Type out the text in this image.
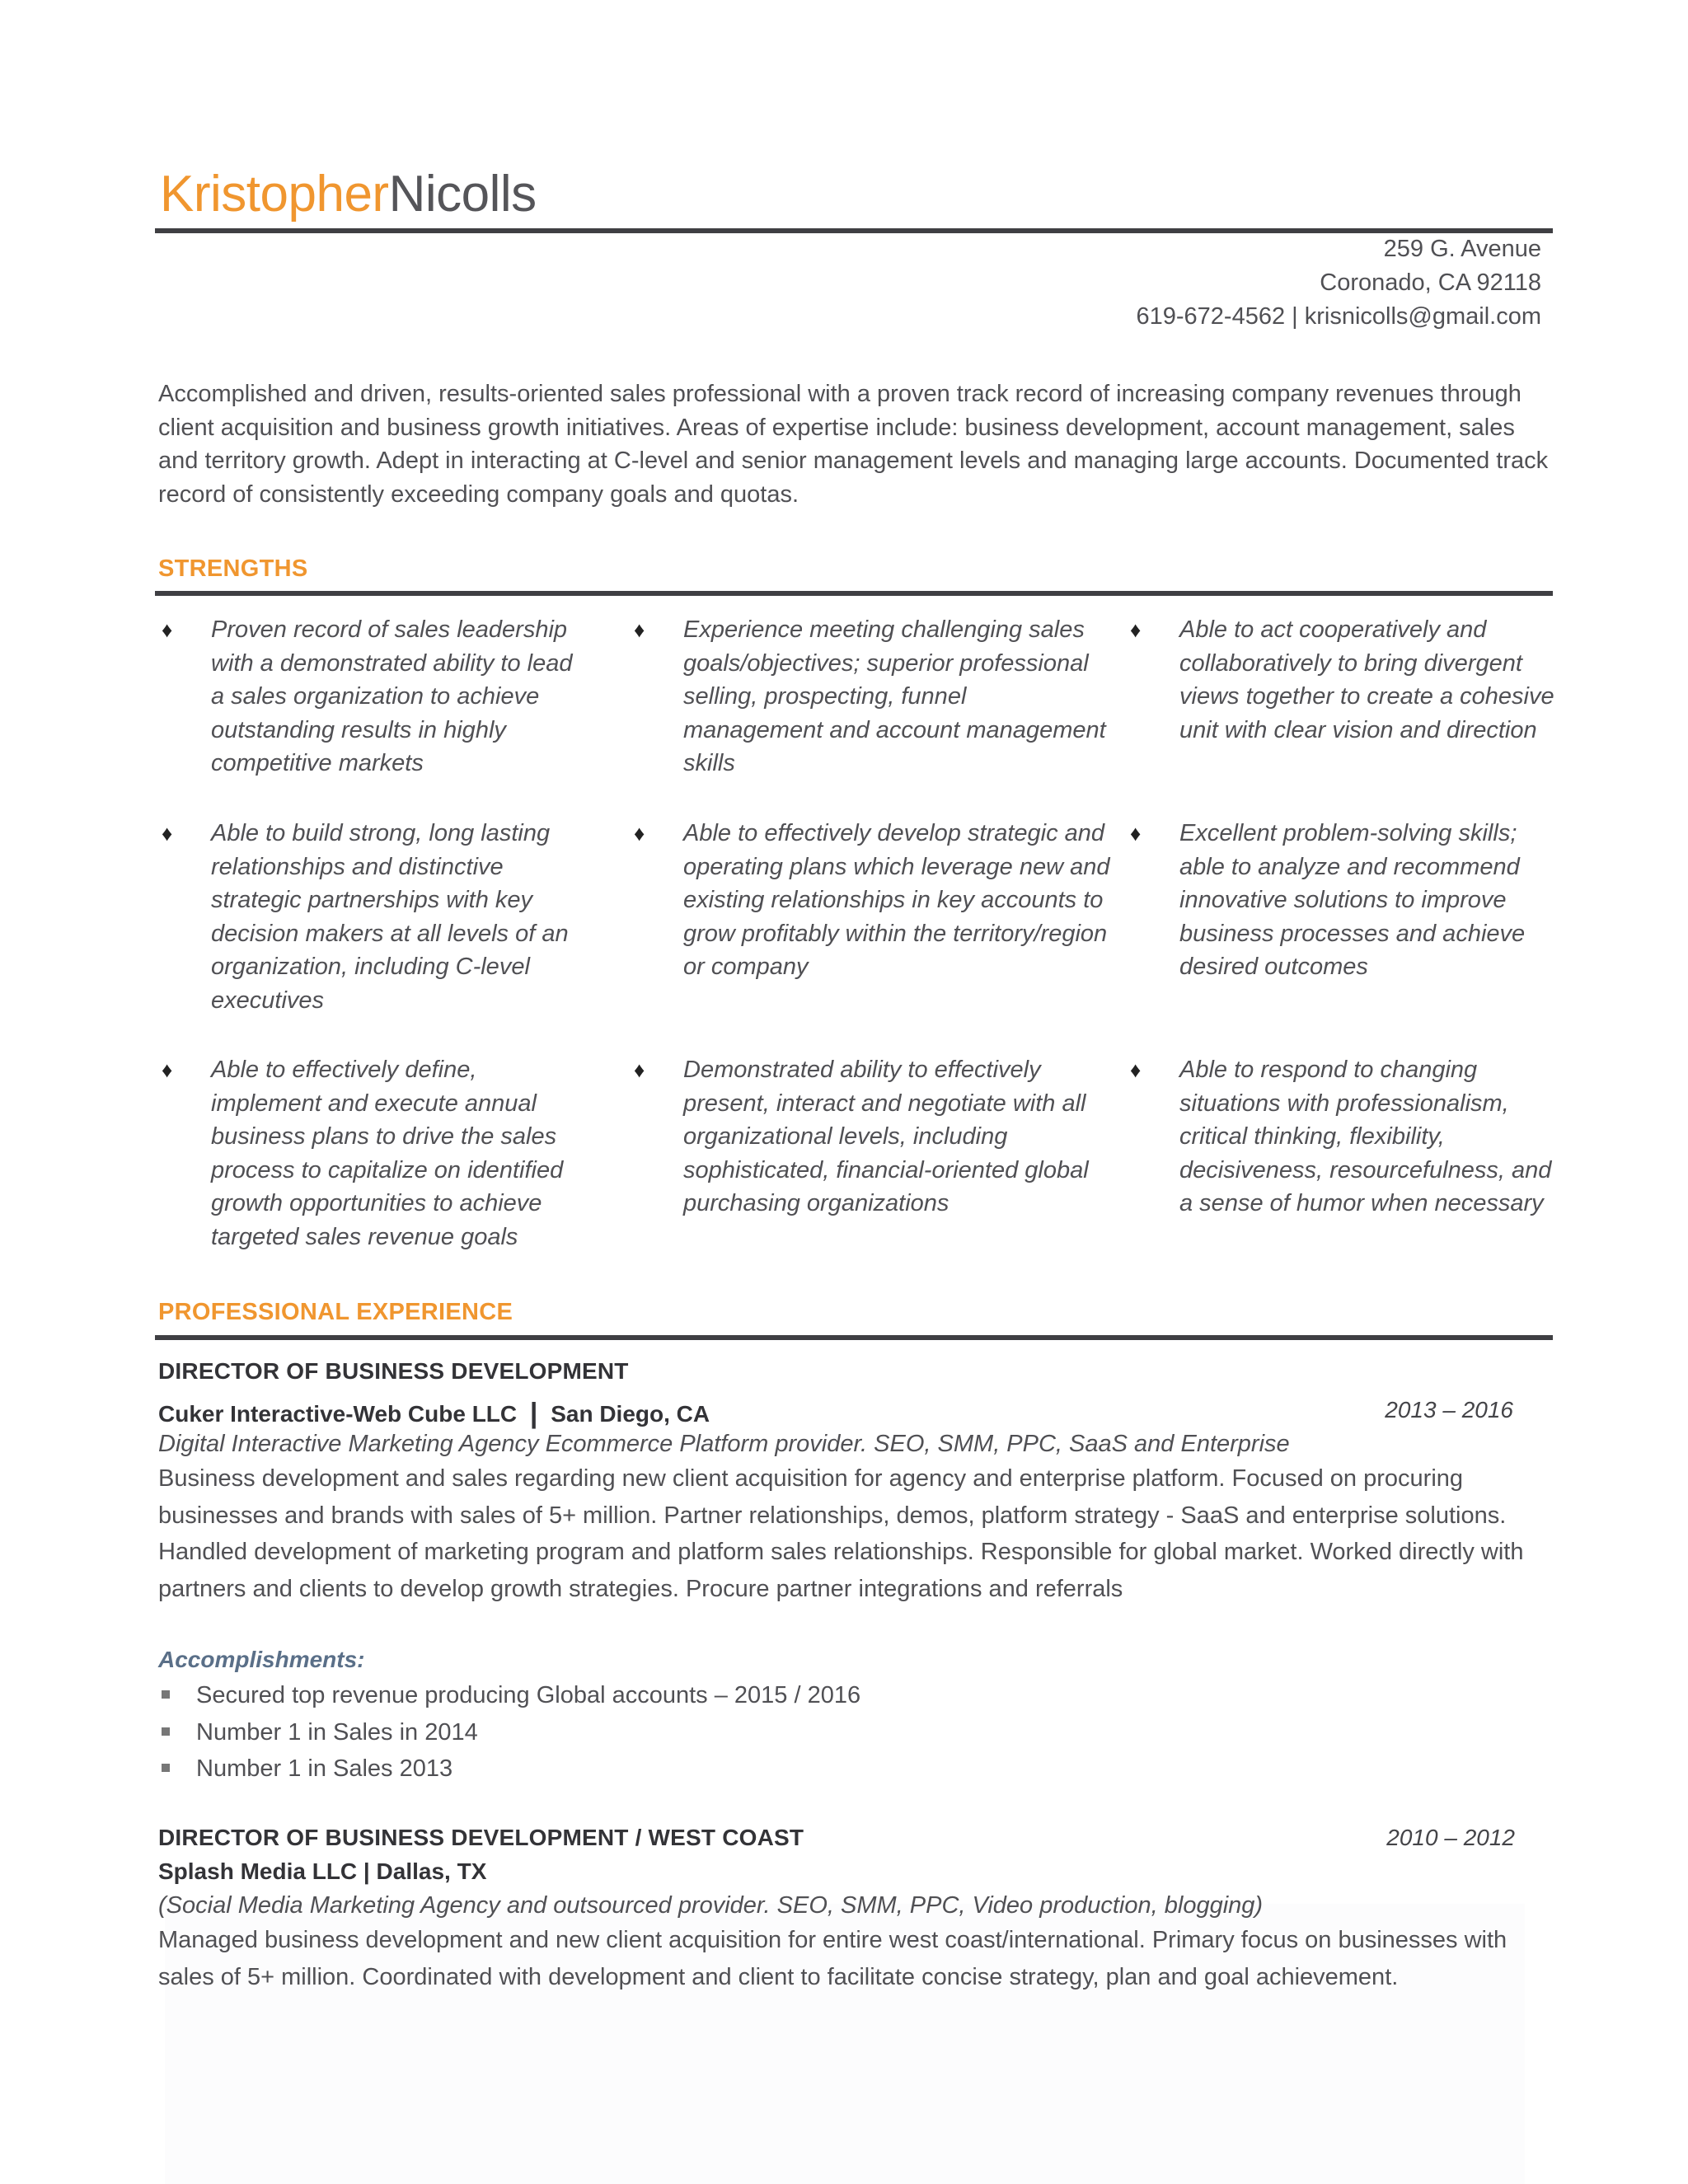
KristopherNicolls
259 G. Avenue
Coronado, CA 92118
619-672-4562 | krisnicolls@gmail.com
Accomplished and driven, results-oriented sales professional with a proven track record of increasing company revenues through client acquisition and business growth initiatives. Areas of expertise include: business development, account management, sales and territory growth. Adept in interacting at C-level and senior management levels and managing large accounts. Documented track record of consistently exceeding company goals and quotas.
STRENGTHS
♦ Proven record of sales leadership with a demonstrated ability to lead a sales organization to achieve outstanding results in highly competitive markets
♦ Experience meeting challenging sales goals/objectives; superior professional selling, prospecting, funnel management and account management skills
♦ Able to act cooperatively and collaboratively to bring divergent views together to create a cohesive unit with clear vision and direction
♦ Able to build strong, long lasting relationships and distinctive strategic partnerships with key decision makers at all levels of an organization, including C-level executives
♦ Able to effectively develop strategic and operating plans which leverage new and existing relationships in key accounts to grow profitably within the territory/region or company
♦ Excellent problem-solving skills; able to analyze and recommend innovative solutions to improve business processes and achieve desired outcomes
♦ Able to effectively define, implement and execute annual business plans to drive the sales process to capitalize on identified growth opportunities to achieve targeted sales revenue goals
♦ Demonstrated ability to effectively present, interact and negotiate with all organizational levels, including sophisticated, financial-oriented global purchasing organizations
♦ Able to respond to changing situations with professionalism, critical thinking, flexibility, decisiveness, resourcefulness, and a sense of humor when necessary
PROFESSIONAL EXPERIENCE
DIRECTOR OF BUSINESS DEVELOPMENT
Cuker Interactive-Web Cube LLC | San Diego, CA	2013 – 2016
Digital Interactive Marketing Agency Ecommerce Platform provider. SEO, SMM, PPC, SaaS and Enterprise
Business development and sales regarding new client acquisition for agency and enterprise platform. Focused on procuring businesses and brands with sales of 5+ million. Partner relationships, demos, platform strategy - SaaS and enterprise solutions. Handled development of marketing program and platform sales relationships. Responsible for global market. Worked directly with partners and clients to develop growth strategies. Procure partner integrations and referrals
Accomplishments:
Secured top revenue producing Global accounts – 2015 / 2016
Number 1 in Sales in 2014
Number 1 in Sales 2013
DIRECTOR OF BUSINESS DEVELOPMENT / WEST COAST	2010 – 2012
Splash Media LLC | Dallas, TX
(Social Media Marketing Agency and outsourced provider. SEO, SMM, PPC, Video production, blogging)
Managed business development and new client acquisition for entire west coast/international. Primary focus on businesses with sales of 5+ million. Coordinated with development and client to facilitate concise strategy, plan and goal achievement.
